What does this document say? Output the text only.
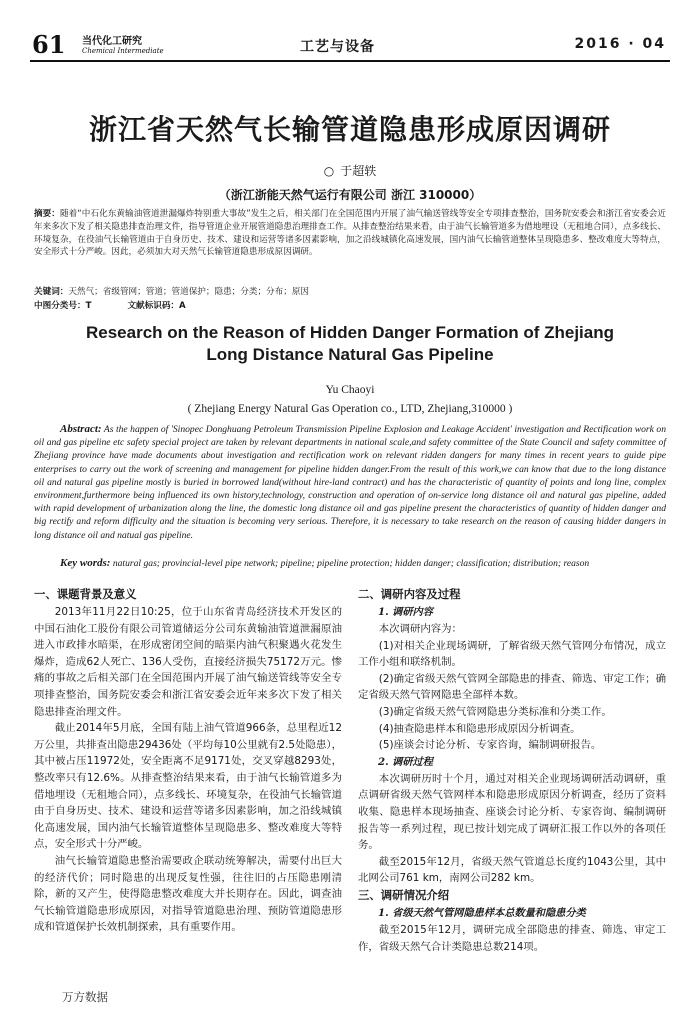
61 当代化工研究
Chemical Intermediate	工艺与设备	2016 · 04
浙江省天然气长输管道隐患形成原因调研
○ 于超轶
（浙江浙能天然气运行有限公司 浙江 310000）
摘要：随着“中石化东黄输油管道泄漏爆炸特别重大事故”发生之后，相关部门在全国范围内开展了油气输送管线等安全专项排查整治，国务院安委会和浙江省安委会近年来多次下发了相关隐患排查治理文件，指导管道企业开展管道隐患治理排查工作。从排查整治结果来看，由于油气长输管道多为借地埋设（无租地合同），点多线长、环境复杂，在役油气长输管道由于自身历史、技术、建设和运营等诸多因素影响，加之沿线城镇化高速发展，国内油气长输管道整体呈现隐患多、整改难度大等特点，安全形式十分严峻。因此，必须加大对天然气长输管道隐患形成原因调研。
关键词：天然气；省级管网；管道；管道保护；隐患；分类；分布；原因
中图分类号：T	文献标识码：A
Research on the Reason of Hidden Danger Formation of Zhejiang
Long Distance Natural Gas Pipeline
Yu Chaoyi
( Zhejiang Energy Natural Gas Operation co., LTD, Zhejiang,310000 )
Abstract: As the happen of 'Sinopec Donghuang Petroleum Transmission Pipeline Explosion and Leakage Accident' investigation and Rectification work on oil and gas pipeline etc safety special project are taken by relevant departments in national scale,and safety committee of the State Council and safety committee of Zhejiang province have made documents about investigation and rectification work on relevant ridden dangers for many times in recent years to guide pipe enterprises to carry out the work of screening and management for pipeline hidden danger.From the result of this work,we can know that due to the long distance oil and natural gas pipeline mostly is buried in borrowed land(without hire-land contract) and has the characteristic of quantity of points and long line, complex environment,furthermore being influenced its own history,technology, construction and operation of on-service long distance oil and natural gas pipeline, added with rapid development of urbanization along the line, the domestic long distance oil and gas pipeline present the characteristics of quantity of hidden danger and big rectify and reform difficulty and the situation is becoming very serious. Therefore, it is necessary to take research on the reason of causing hidder dangers in long distance oil and natual gas pipeline.
Key words: natural gas; provincial-level pipe network; pipeline; pipeline protection; hidden danger; classification; distribution; reason
一、课题背景及意义

2013年11月22日10:25，位于山东省青岛经济技术开发区的中国石油化工股份有限公司管道储运分公司东黄输油管道泄漏原油进入市政排水暗渠，在形成密闭空间的暗渠内油气积聚遇火花发生爆炸，造成62人死亡、136人受伤，直接经济损失75172万元。惨痛的事故之后相关部门在全国范围内开展了油气输送管线等安全专项排查整治，国务院安委会和浙江省安委会近年来多次下发了相关隐患排查治理文件。

截止2014年5月底，全国有陆上油气管道966条，总里程近12万公里，共排查出隐患29436处（平均每10公里就有2.5处隐患），其中被占压11972处，安全距离不足9171处，交叉穿越8293处，整改率只有12.6%。从排查整治结果来看，由于油气长输管道多为借地埋设（无租地合同），点多线长、环境复杂，在役油气长输管道由于自身历史、技术、建设和运营等诸多因素影响，加之沿线城镇化高速发展，国内油气长输管道整体呈现隐患多、整改难度大等特点，安全形式十分严峻。

油气长输管道隐患整治需要政企联动统筹解决，需要付出巨大的经济代价；同时隐患的出现反复性强，往往旧的占压隐患刚清除，新的又产生，使得隐患整改难度大并长期存在。因此，调查油气长输管道隐患形成原因，对指导管道隐患治理、预防管道隐患形成和管道保护长效机制探索，具有重要作用。

二、调研内容及过程
1. 调研内容

本次调研内容为：

(1)对相关企业现场调研，了解省级天然气管网分布情况，成立工作小组和联络机制。

(2)确定省级天然气管网全部隐患的排查、筛选、审定工作；确定省级天然气管网隐患全部样本数。

(3)确定省级天然气管网隐患分类标准和分类工作。

(4)抽查隐患样本和隐患形成原因分析调查。

(5)座谈会讨论分析、专家咨询，编制调研报告。

2. 调研过程

本次调研历时十个月，通过对相关企业现场调研活动调研，重点调研省级天然气管网样本和隐患形成原因分析调查，经历了资料收集、隐患样本现场抽查、座谈会讨论分析、专家咨询、编制调研报告等一系列过程，现已按计划完成了调研汇报工作以外的各项任务。

截至2015年12月，省级天然气管道总长度约1043公里，其中北网公司761 km，南网公司282 km。

三、调研情况介绍
1. 省级天然气管网隐患样本总数量和隐患分类

截至2015年12月，调研完成全部隐患的排查、筛选、审定工作，省级天然气合计类隐患总数214项。

万方数据
